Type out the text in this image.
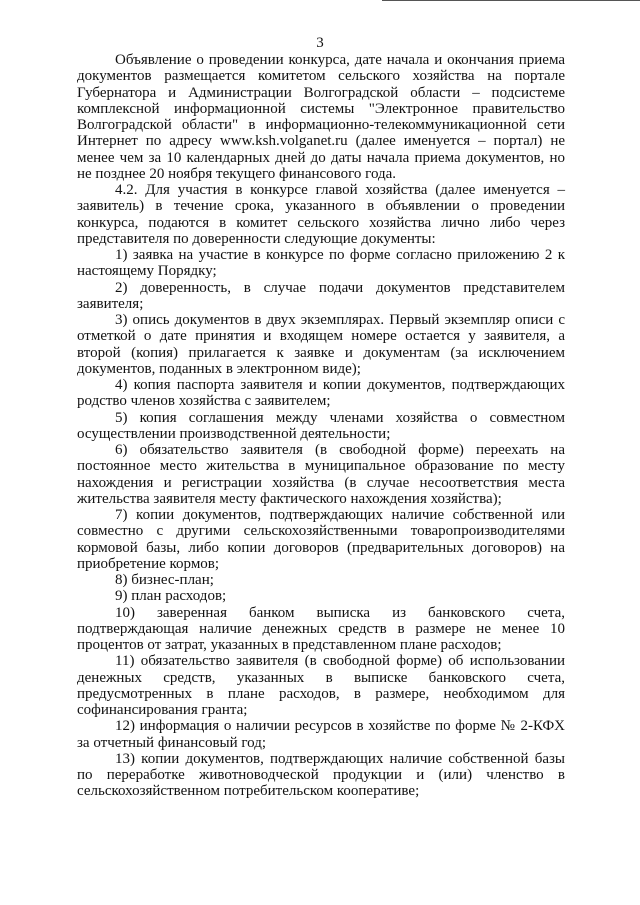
3

Объявление о проведении конкурса, дате начала и окончания приема документов размещается комитетом сельского хозяйства на портале Губернатора и Администрации Волгоградской области – подсистеме комплексной информационной системы "Электронное правительство Волгоградской области" в информационно-телекоммуникационной сети Интернет по адресу www.ksh.volganet.ru (далее именуется – портал) не менее чем за 10 календарных дней до даты начала приема документов, но не позднее 20 ноября текущего финансового года.

4.2. Для участия в конкурсе главой хозяйства (далее именуется – заявитель) в течение срока, указанного в объявлении о проведении конкурса, подаются в комитет сельского хозяйства лично либо через представителя по доверенности следующие документы:

1) заявка на участие в конкурсе по форме согласно приложению 2 к настоящему Порядку;

2) доверенность, в случае подачи документов представителем заявителя;

3) опись документов в двух экземплярах. Первый экземпляр описи с отметкой о дате принятия и входящем номере остается у заявителя, а второй (копия) прилагается к заявке и документам (за исключением документов, поданных в электронном виде);

4) копия паспорта заявителя и копии документов, подтверждающих родство членов хозяйства с заявителем;

5) копия соглашения между членами хозяйства о совместном осуществлении производственной деятельности;

6) обязательство заявителя (в свободной форме) переехать на постоянное место жительства в муниципальное образование по месту нахождения и регистрации хозяйства (в случае несоответствия места жительства заявителя месту фактического нахождения хозяйства);

7) копии документов, подтверждающих наличие собственной или совместно с другими сельскохозяйственными товаропроизводителями кормовой базы, либо копии договоров (предварительных договоров) на приобретение кормов;

8) бизнес-план;

9) план расходов;

10) заверенная банком выписка из банковского счета, подтверждающая наличие денежных средств в размере не менее 10 процентов от затрат, указанных в представленном плане расходов;

11) обязательство заявителя (в свободной форме) об использовании денежных средств, указанных в выписке банковского счета, предусмотренных в плане расходов, в размере, необходимом для софинансирования гранта;

12) информация о наличии ресурсов в хозяйстве по форме № 2-КФХ за отчетный финансовый год;

13) копии документов, подтверждающих наличие собственной базы по переработке животноводческой продукции и (или) членство в сельскохозяйственном потребительском кооперативе;
